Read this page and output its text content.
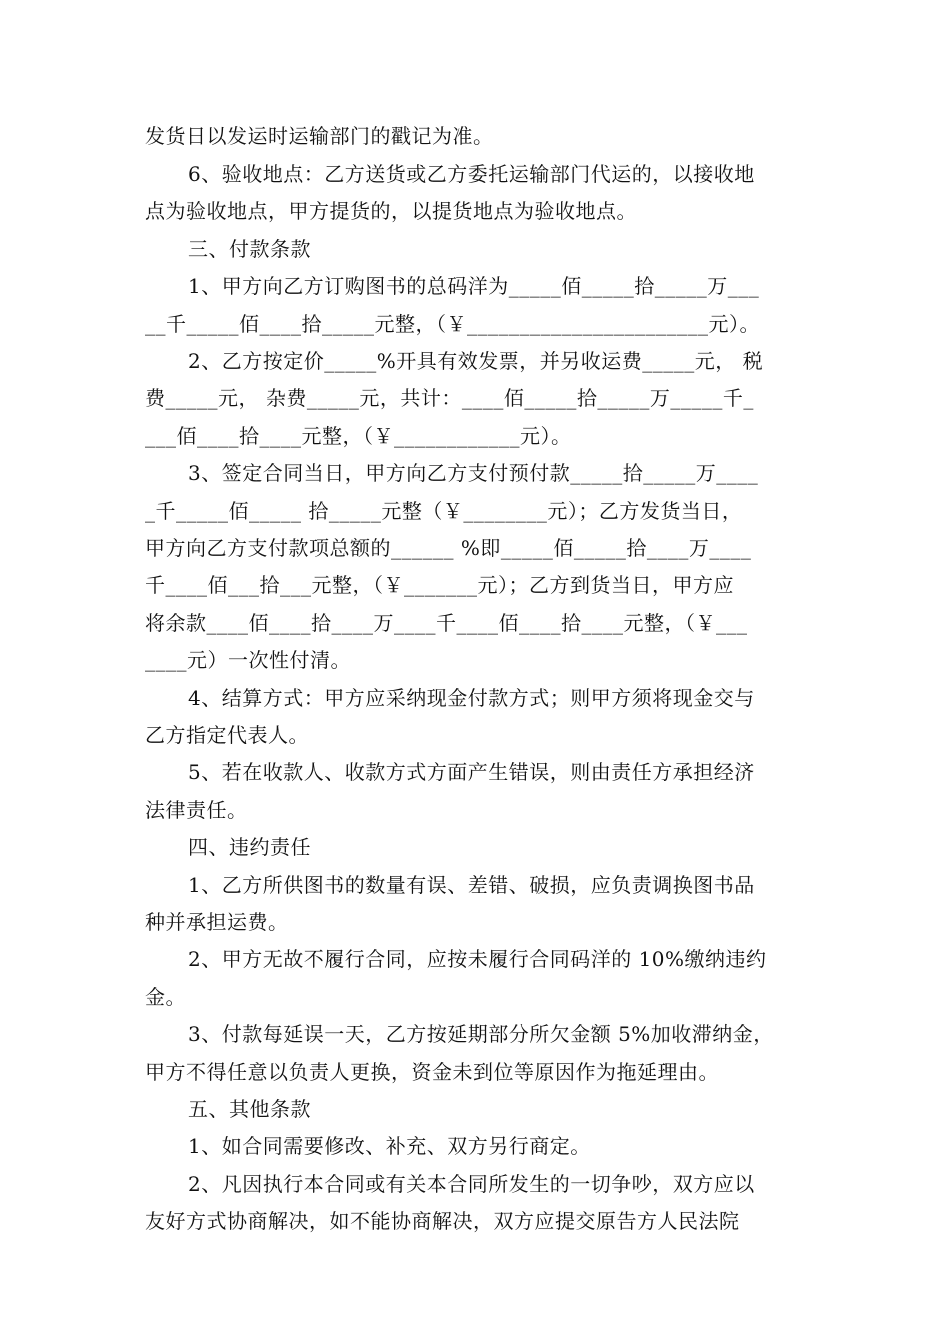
发货日以发运时运输部门的戳记为准。
6、验收地点：乙方送货或乙方委托运输部门代运的，以接收地
点为验收地点，甲方提货的，以提货地点为验收地点。
三、付款条款
1、甲方向乙方订购图书的总码洋为_____佰_____拾_____万___
__千_____佰____拾_____元整，（￥_______________________元）。
2、乙方按定价_____%开具有效发票，并另收运费_____元， 税
费_____元， 杂费_____元，共计：____佰_____拾_____万_____千_
___佰____拾____元整，（￥____________元）。
3、签定合同当日，甲方向乙方支付预付款_____拾_____万____
_千_____佰_____ 拾_____元整（￥________元）；乙方发货当日，
甲方向乙方支付款项总额的______ %即_____佰_____拾____万____
千____佰___拾___元整，（￥_______元）；乙方到货当日，甲方应
将余款____佰____拾____万____千____佰____拾____元整，（￥___
____元）一次性付清。
4、结算方式：甲方应采纳现金付款方式；则甲方须将现金交与
乙方指定代表人。
5、若在收款人、收款方式方面产生错误，则由责任方承担经济
法律责任。
四、违约责任
1、乙方所供图书的数量有误、差错、破损，应负责调换图书品
种并承担运费。
2、甲方无故不履行合同，应按未履行合同码洋的 10%缴纳违约
金。
3、付款每延误一天，乙方按延期部分所欠金额 5%加收滞纳金，
甲方不得任意以负责人更换，资金未到位等原因作为拖延理由。
五、其他条款
1、如合同需要修改、补充、双方另行商定。
2、凡因执行本合同或有关本合同所发生的一切争吵，双方应以
友好方式协商解决，如不能协商解决，双方应提交原告方人民法院
